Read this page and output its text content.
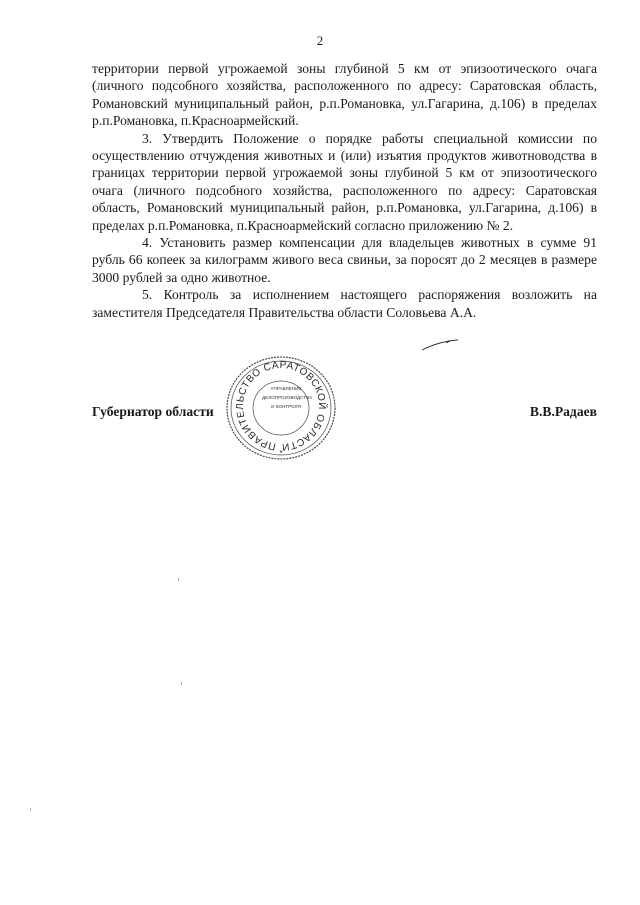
2

территории первой угрожаемой зоны глубиной 5 км от эпизоотического очага (личного подсобного хозяйства, расположенного по адресу: Саратовская область, Романовский муниципальный район, р.п.Романовка, ул.Гагарина, д.106) в пределах р.п.Романовка, п.Красноармейский.

3. Утвердить Положение о порядке работы специальной комиссии по осуществлению отчуждения животных и (или) изъятия продуктов животноводства в границах территории первой угрожаемой зоны глубиной 5 км от эпизоотического очага (личного подсобного хозяйства, расположенного по адресу: Саратовская область, Романовский муниципальный район, р.п.Романовка, ул.Гагарина, д.106) в пределах р.п.Романовка, п.Красноармейский согласно приложению № 2.

4. Установить размер компенсации для владельцев животных в сумме 91 рубль 66 копеек за килограмм живого веса свиньи, за поросят до 2 месяцев в размере 3000 рублей за одно животное.

5. Контроль за исполнением настоящего распоряжения возложить на заместителя Председателя Правительства области Соловьева А.А.

ПРАВИТЕЛЬСТВО САРАТОВСКОЙ ОБЛАСТИ
*
УПРАВЛЕНИЕ
ДЕЛОПРОИЗВОДСТВА
И КОНТРОЛЯ
Губернатор области	В.В.Радаев
